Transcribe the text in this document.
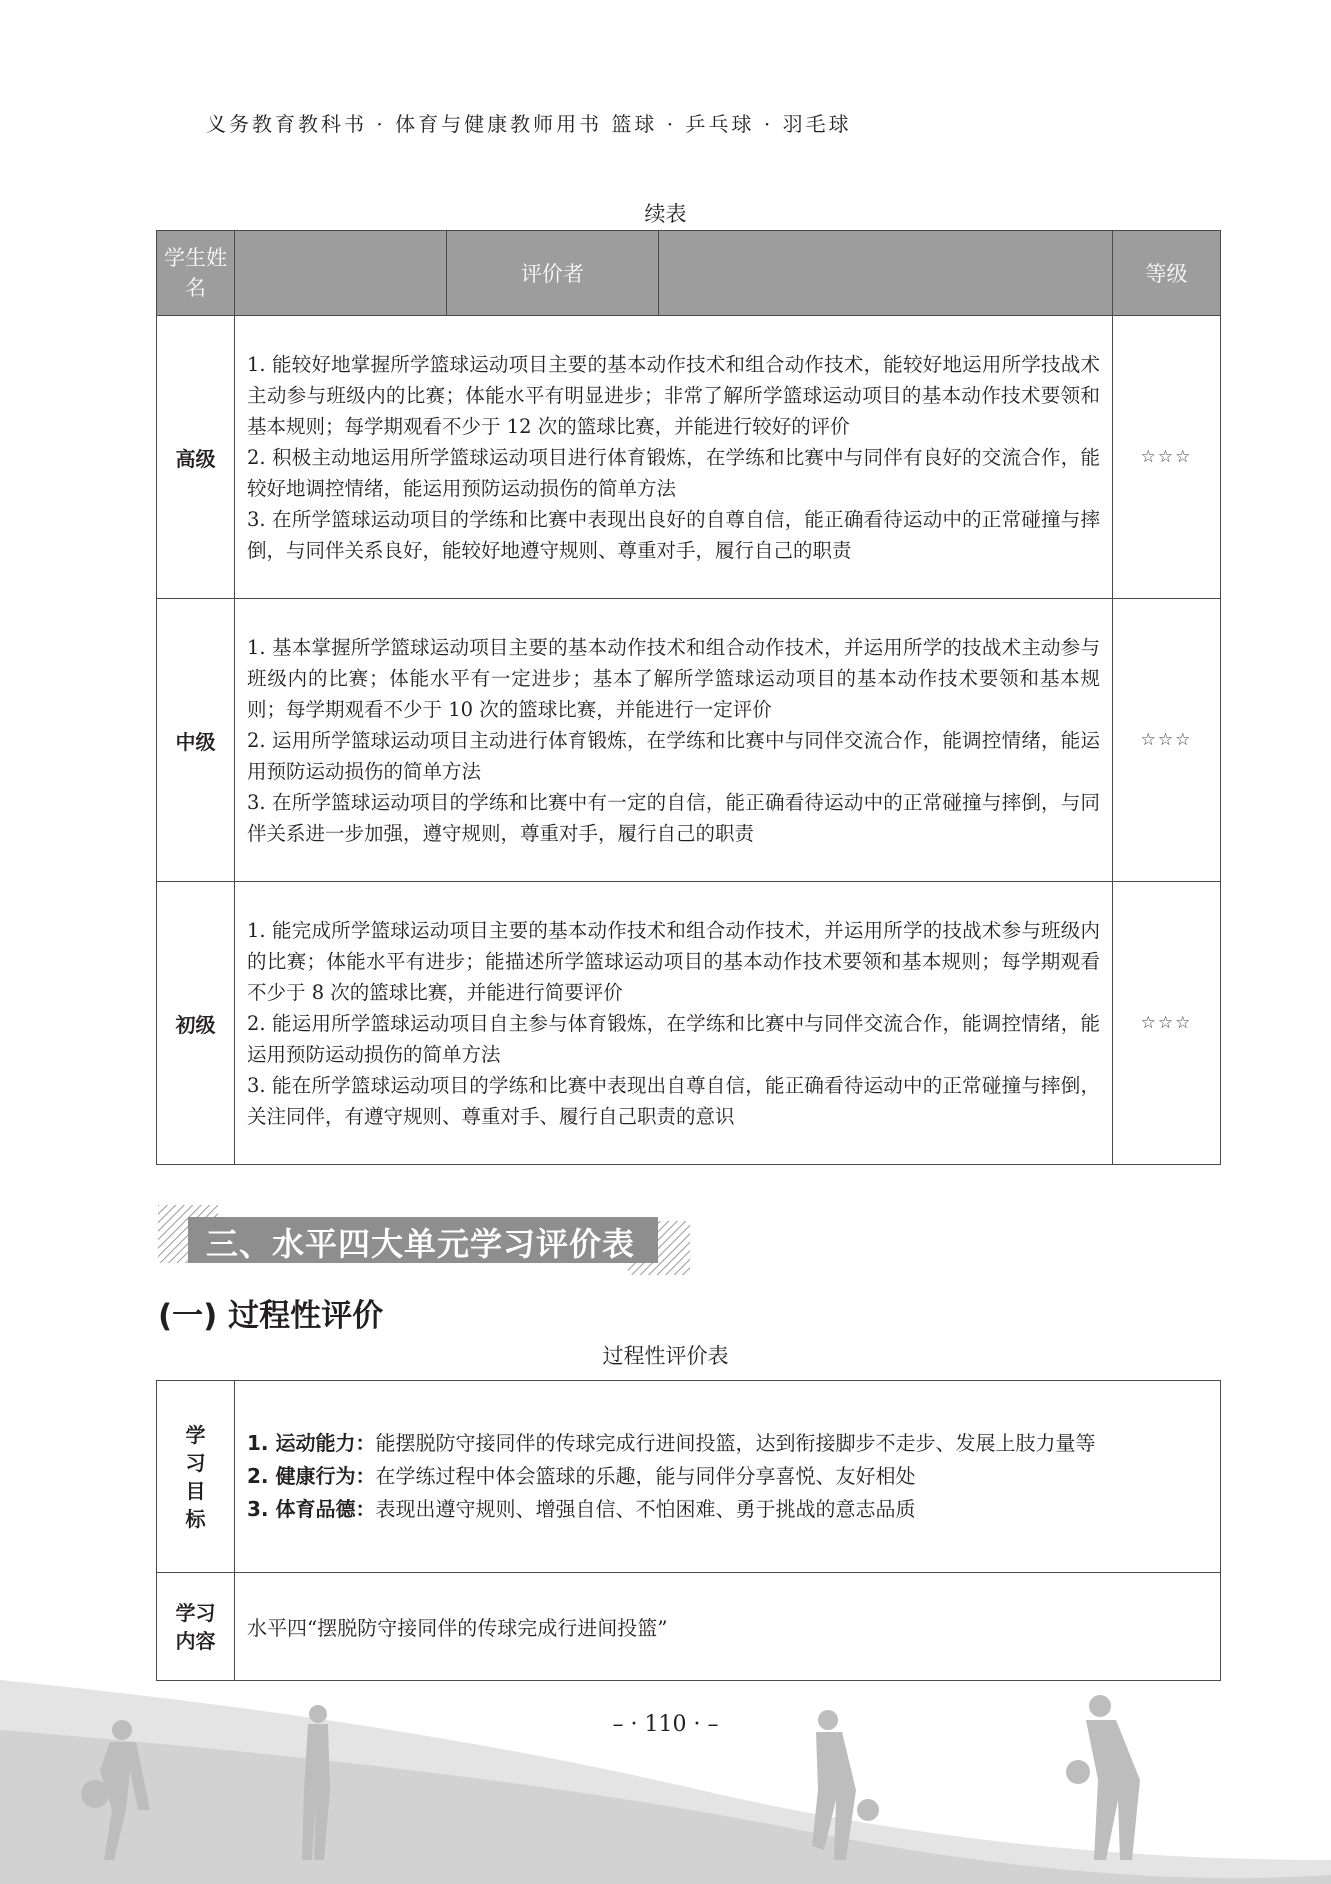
义务教育教科书 · 体育与健康教师用书 篮球 · 乒乓球 · 羽毛球
续表
学生姓名		评价者		等级
高级	1. 能较好地掌握所学篮球运动项目主要的基本动作技术和组合动作技术，能较好地运用所学技战术主动参与班级内的比赛；体能水平有明显进步；非常了解所学篮球运动项目的基本动作技术要领和基本规则；每学期观看不少于 12 次的篮球比赛，并能进行较好的评价

2. 积极主动地运用所学篮球运动项目进行体育锻炼，在学练和比赛中与同伴有良好的交流合作，能较好地调控情绪，能运用预防运动损伤的简单方法

3. 在所学篮球运动项目的学练和比赛中表现出良好的自尊自信，能正确看待运动中的正常碰撞与摔倒，与同伴关系良好，能较好地遵守规则、尊重对手，履行自己的职责			☆☆☆
中级	1. 基本掌握所学篮球运动项目主要的基本动作技术和组合动作技术，并运用所学的技战术主动参与班级内的比赛；体能水平有一定进步；基本了解所学篮球运动项目的基本动作技术要领和基本规则；每学期观看不少于 10 次的篮球比赛，并能进行一定评价

2. 运用所学篮球运动项目主动进行体育锻炼，在学练和比赛中与同伴交流合作，能调控情绪，能运用预防运动损伤的简单方法

3. 在所学篮球运动项目的学练和比赛中有一定的自信，能正确看待运动中的正常碰撞与摔倒，与同伴关系进一步加强，遵守规则，尊重对手，履行自己的职责			☆☆☆
初级	1. 能完成所学篮球运动项目主要的基本动作技术和组合动作技术，并运用所学的技战术参与班级内的比赛；体能水平有进步；能描述所学篮球运动项目的基本动作技术要领和基本规则；每学期观看不少于 8 次的篮球比赛，并能进行简要评价

2. 能运用所学篮球运动项目自主参与体育锻炼，在学练和比赛中与同伴交流合作，能调控情绪，能运用预防运动损伤的简单方法

3. 能在所学篮球运动项目的学练和比赛中表现出自尊自信，能正确看待运动中的正常碰撞与摔倒，关注同伴，有遵守规则、尊重对手、履行自己职责的意识			☆☆☆
三、水平四大单元学习评价表
(一) 过程性评价
过程性评价表
学习目标	1. 运动能力：能摆脱防守接同伴的传球完成行进间投篮，达到衔接脚步不走步、发展上肢力量等
2. 健康行为：在学练过程中体会篮球的乐趣，能与同伴分享喜悦、友好相处
3. 体育品德：表现出遵守规则、增强自信、不怕困难、勇于挑战的意志品质

学习内容	水平四“摆脱防守接同伴的传球完成行进间投篮”
– · 110 · –
